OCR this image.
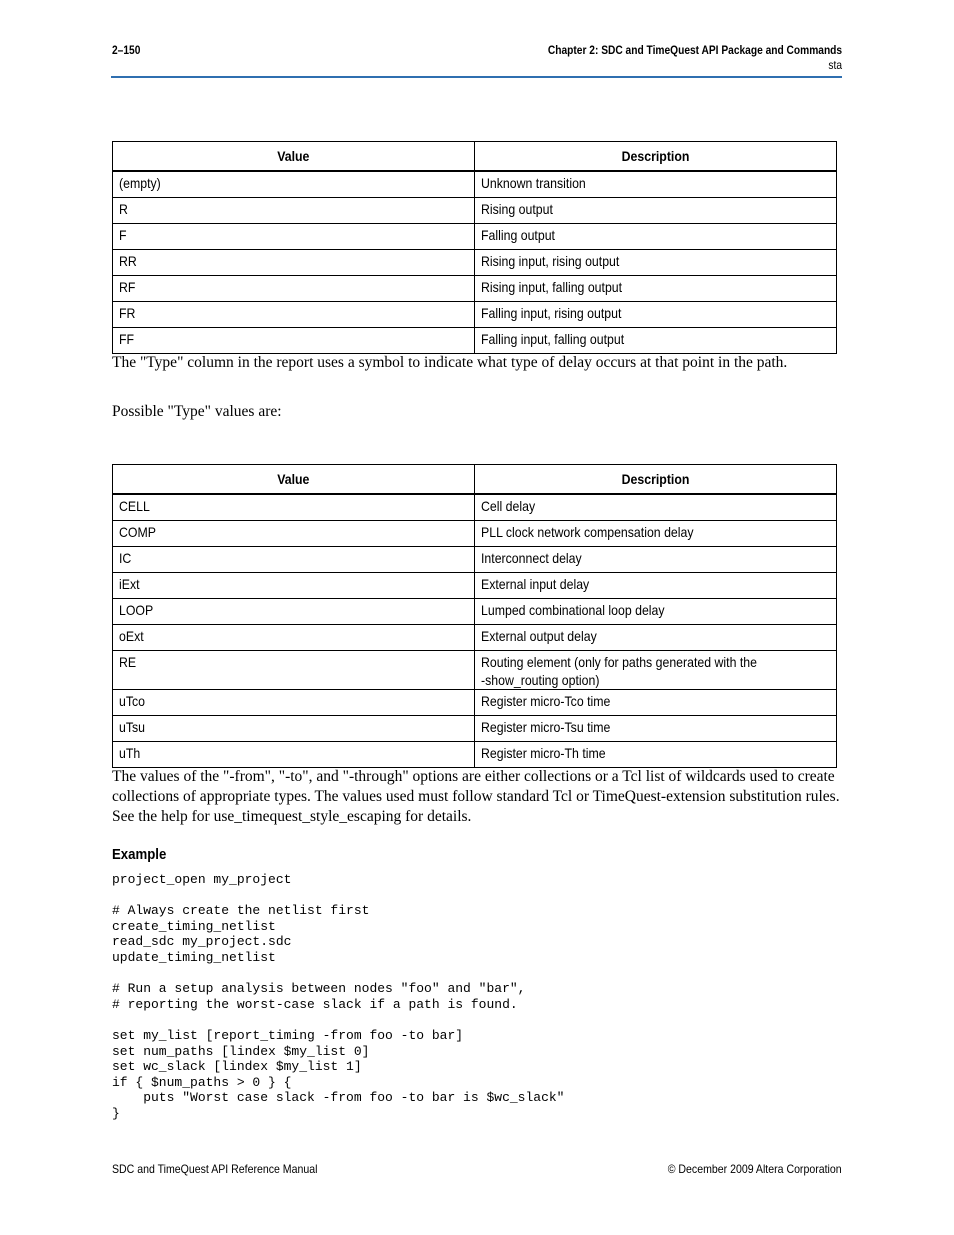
2–150	Chapter 2: SDC and TimeQuest API Package and Commands
sta
Value	Description
(empty)	Unknown transition
R	Rising output
F	Falling output
RR	Rising input, rising output
RF	Rising input, falling output
FR	Falling input, rising output
FF	Falling input, falling output
The "Type" column in the report uses a symbol to indicate what type of delay occurs at that point in the path.
Possible "Type" values are:
Value	Description
CELL	Cell delay
COMP	PLL clock network compensation delay
IC	Interconnect delay
iExt	External input delay
LOOP	Lumped combinational loop delay
oExt	External output delay
RE	Routing element (only for paths generated with the
-show_routing option)
uTco	Register micro-Tco time
uTsu	Register micro-Tsu time
uTh	Register micro-Th time
The values of the "-from", "-to", and "-through" options are either collections or a Tcl list of wildcards used to create collections of appropriate types. The values used must follow standard Tcl or TimeQuest-extension substitution rules. See the help for use_timequest_style_escaping for details.
Example
project_open my_project

# Always create the netlist first
create_timing_netlist
read_sdc my_project.sdc
update_timing_netlist

# Run a setup analysis between nodes "foo" and "bar",
# reporting the worst-case slack if a path is found.

set my_list [report_timing -from foo -to bar]
set num_paths [lindex $my_list 0]
set wc_slack [lindex $my_list 1]
if { $num_paths > 0 } {
puts "Worst case slack -from foo -to bar is $wc_slack"
}
SDC and TimeQuest API Reference Manual	© December 2009 Altera Corporation
